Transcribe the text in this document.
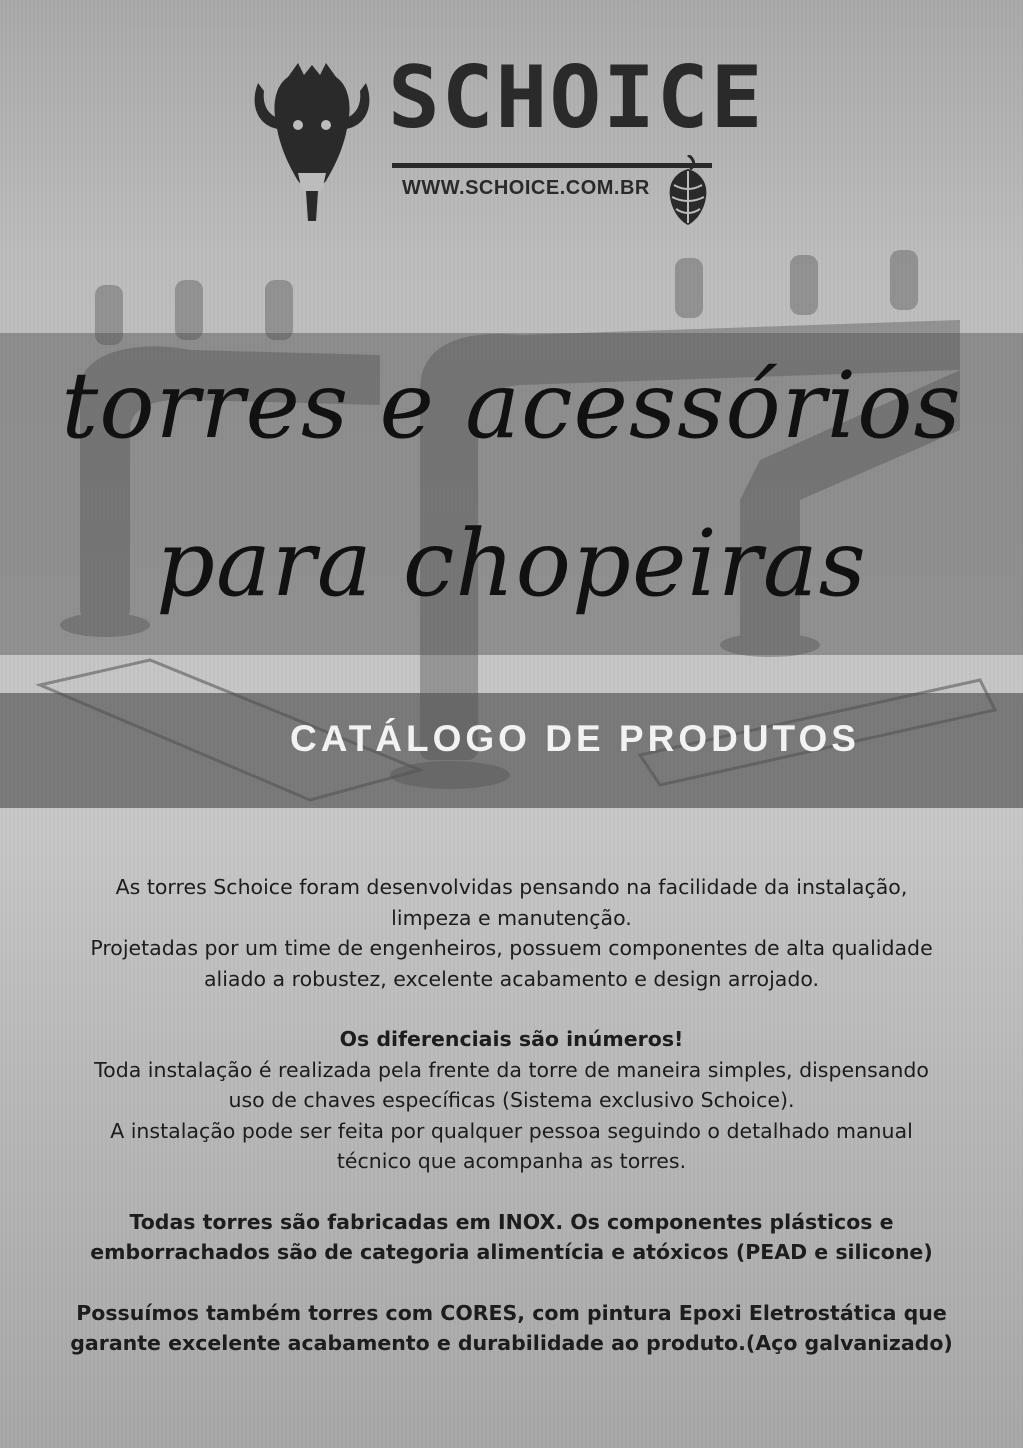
SCHOICE
WWW.SCHOICE.COM.BR
torres e acessórios
para chopeiras
CATÁLOGO DE PRODUTOS

As torres Schoice foram desenvolvidas pensando na facilidade da instalação,

limpeza e manutenção.

Projetadas por um time de engenheiros, possuem componentes de alta qualidade

aliado a robustez, excelente acabamento e design arrojado.

Os diferenciais são inúmeros!

Toda instalação é realizada pela frente da torre de maneira simples, dispensando

uso de chaves específicas (Sistema exclusivo Schoice).

A instalação pode ser feita por qualquer pessoa seguindo o detalhado manual

técnico que acompanha as torres.

Todas torres são fabricadas em INOX. Os componentes plásticos e

emborrachados são de categoria alimentícia e atóxicos (PEAD e silicone)

Possuímos também torres com CORES, com pintura Epoxi Eletrostática que

garante excelente acabamento e durabilidade ao produto.(Aço galvanizado)
